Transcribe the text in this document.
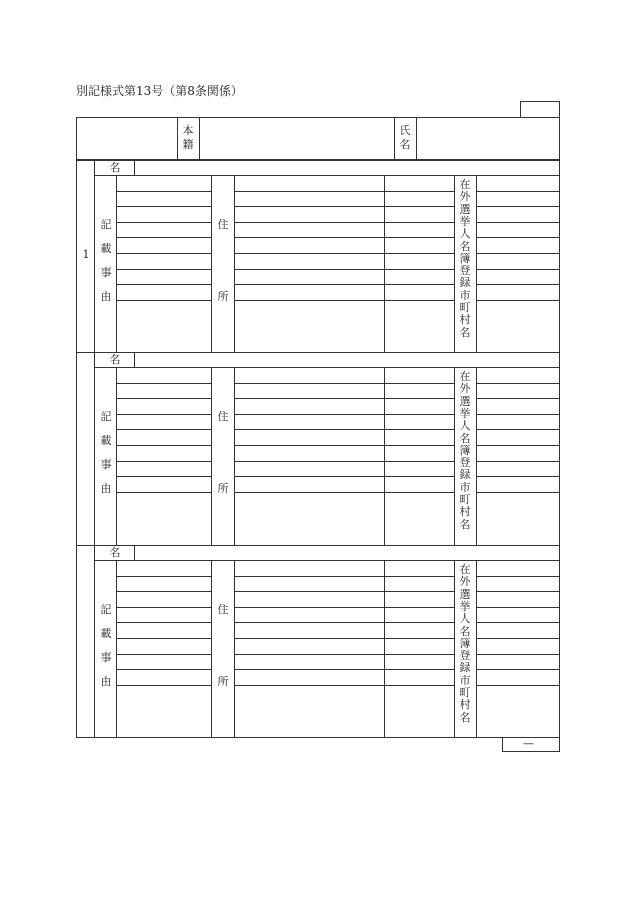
別記様式第13号（第8条関係）
本
籍
氏
名
名
1
記
載
事
由
住
所
在
外
選
挙
人
名
簿
登
録
市
町
村
名
名
記
載
事
由
住
所
在
外
選
挙
人
名
簿
登
録
市
町
村
名
名
記
載
事
由
住
所
在
外
選
挙
人
名
簿
登
録
市
町
村
名
—
